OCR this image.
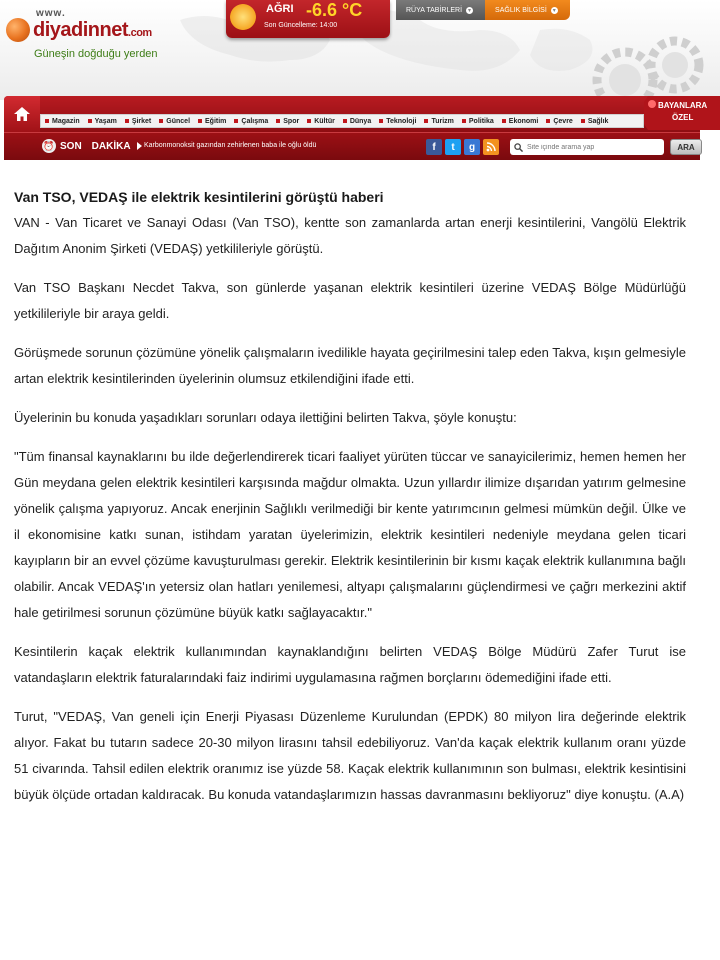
www.
diyadinnet.com
Güneşin doğduğu yerden
AĞRI -6.6 °C
Son Güncelleme: 14:00
RÜYA TABİRLERİ ▾	SAĞLIK BİLGİSİ ▾
Magazin	Yaşam	Şirket	Güncel	Eğitim	Çalışma	Spor	Kültür	Dünya	Teknoloji	Turizm	Politika	Ekonomi	Çevre	Sağlık
BAYANLARA
ÖZEL
⏰ SON DAKİKA Karbonmonoksit gazından zehirlenen baba ile oğlu öldü	f	t	g
Site içinde arama yap	ARA
Van TSO, VEDAŞ ile elektrik kesintilerini görüştü haberi

VAN - Van Ticaret ve Sanayi Odası (Van TSO), kentte son zamanlarda artan enerji kesintilerini, Vangölü Elektrik Dağıtım Anonim Şirketi (VEDAŞ) yetkilileriyle görüştü.

Van TSO Başkanı Necdet Takva, son günlerde yaşanan elektrik kesintileri üzerine VEDAŞ Bölge Müdürlüğü yetkilileriyle bir araya geldi.

Görüşmede sorunun çözümüne yönelik çalışmaların ivedilikle hayata geçirilmesini talep eden Takva, kışın gelmesiyle artan elektrik kesintilerinden üyelerinin olumsuz etkilendiğini ifade etti.

Üyelerinin bu konuda yaşadıkları sorunları odaya ilettiğini belirten Takva, şöyle konuştu:

"Tüm finansal kaynaklarını bu ilde değerlendirerek ticari faaliyet yürüten tüccar ve sanayicilerimiz, hemen hemen her Gün meydana gelen elektrik kesintileri karşısında mağdur olmakta. Uzun yıllardır ilimize dışarıdan yatırım gelmesine yönelik çalışma yapıyoruz. Ancak enerjinin Sağlıklı verilmediği bir kente yatırımcının gelmesi mümkün değil. Ülke ve il ekonomisine katkı sunan, istihdam yaratan üyelerimizin, elektrik kesintileri nedeniyle meydana gelen ticari kayıpların bir an evvel çözüme kavuşturulması gerekir. Elektrik kesintilerinin bir kısmı kaçak elektrik kullanımına bağlı olabilir. Ancak VEDAŞ'ın yetersiz olan hatları yenilemesi, altyapı çalışmalarını güçlendirmesi ve çağrı merkezini aktif hale getirilmesi sorunun çözümüne büyük katkı sağlayacaktır."

Kesintilerin kaçak elektrik kullanımından kaynaklandığını belirten VEDAŞ Bölge Müdürü Zafer Turut ise vatandaşların elektrik faturalarındaki faiz indirimi uygulamasına rağmen borçlarını ödemediğini ifade etti.

Turut, "VEDAŞ, Van geneli için Enerji Piyasası Düzenleme Kurulundan (EPDK) 80 milyon lira değerinde elektrik alıyor. Fakat bu tutarın sadece 20-30 milyon lirasını tahsil edebiliyoruz. Van'da kaçak elektrik kullanım oranı yüzde 51 civarında. Tahsil edilen elektrik oranımız ise yüzde 58. Kaçak elektrik kullanımının son bulması, elektrik kesintisini büyük ölçüde ortadan kaldıracak. Bu konuda vatandaşlarımızın hassas davranmasını bekliyoruz" diye konuştu. (A.A)
